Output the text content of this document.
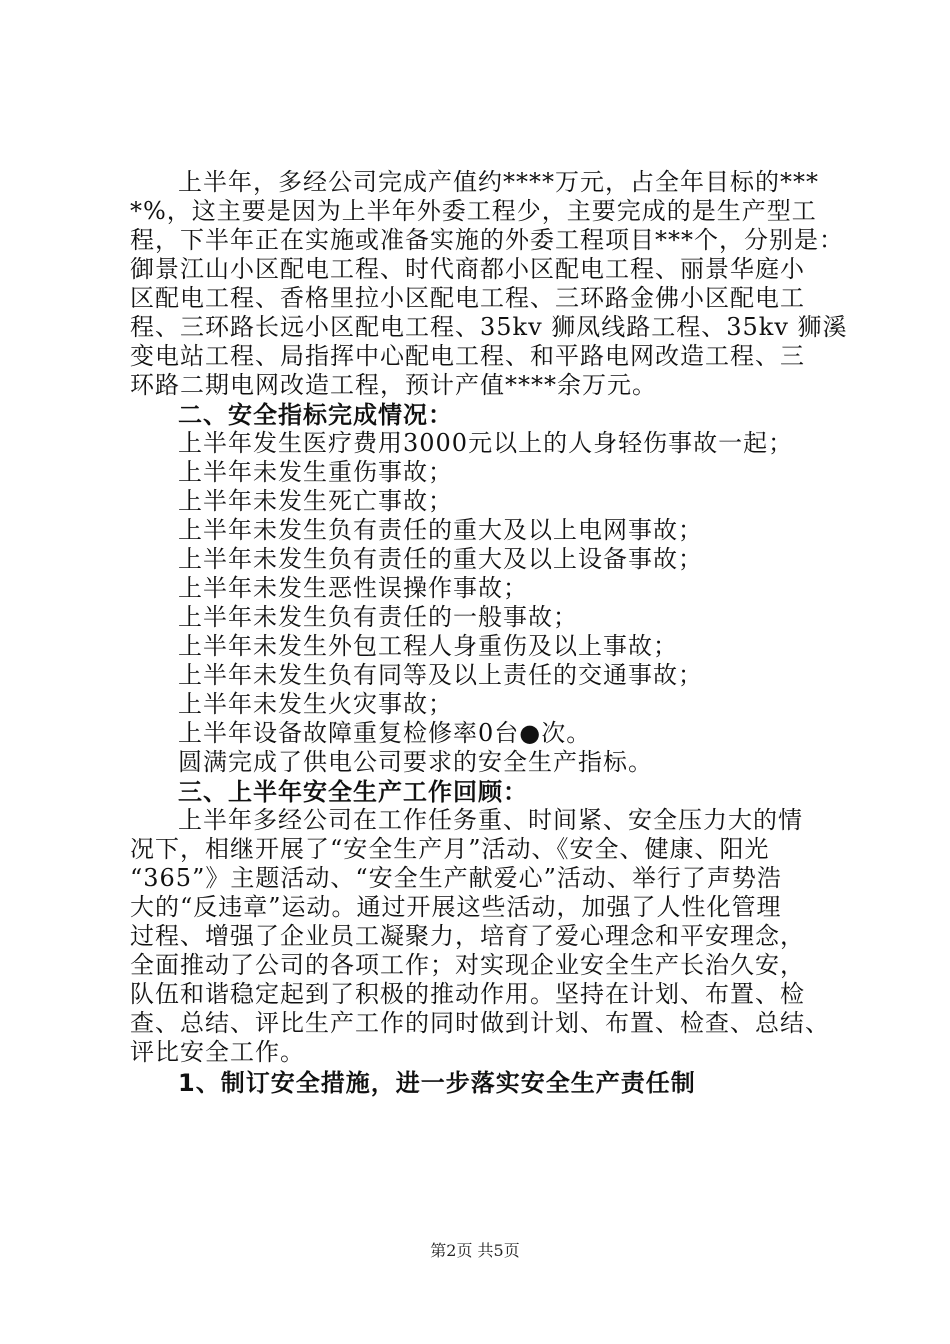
上半年，多经公司完成产值约****万元，占全年目标的***
*%，这主要是因为上半年外委工程少，主要完成的是生产型工
程，下半年正在实施或准备实施的外委工程项目***个，分别是：
御景江山小区配电工程、时代商都小区配电工程、丽景华庭小
区配电工程、香格里拉小区配电工程、三环路金佛小区配电工
程、三环路长远小区配电工程、35kv 狮凤线路工程、35kv 狮溪
变电站工程、局指挥中心配电工程、和平路电网改造工程、三
环路二期电网改造工程，预计产值****余万元。
二、安全指标完成情况：
上半年发生医疗费用3000元以上的人身轻伤事故一起；
上半年未发生重伤事故；
上半年未发生死亡事故；
上半年未发生负有责任的重大及以上电网事故；
上半年未发生负有责任的重大及以上设备事故；
上半年未发生恶性误操作事故；
上半年未发生负有责任的一般事故；
上半年未发生外包工程人身重伤及以上事故；
上半年未发生负有同等及以上责任的交通事故；
上半年未发生火灾事故；
上半年设备故障重复检修率0台●次。
圆满完成了供电公司要求的安全生产指标。
三、上半年安全生产工作回顾：
上半年多经公司在工作任务重、时间紧、安全压力大的情
况下，相继开展了“安全生产月”活动、《安全、健康、阳光
“365”》主题活动、“安全生产献爱心”活动、举行了声势浩
大的“反违章”运动。通过开展这些活动，加强了人性化管理
过程、增强了企业员工凝聚力，培育了爱心理念和平安理念，
全面推动了公司的各项工作；对实现企业安全生产长治久安，
队伍和谐稳定起到了积极的推动作用。坚持在计划、布置、检
查、总结、评比生产工作的同时做到计划、布置、检查、总结、
评比安全工作。
1、制订安全措施，进一步落实安全生产责任制
第2页 共5页
